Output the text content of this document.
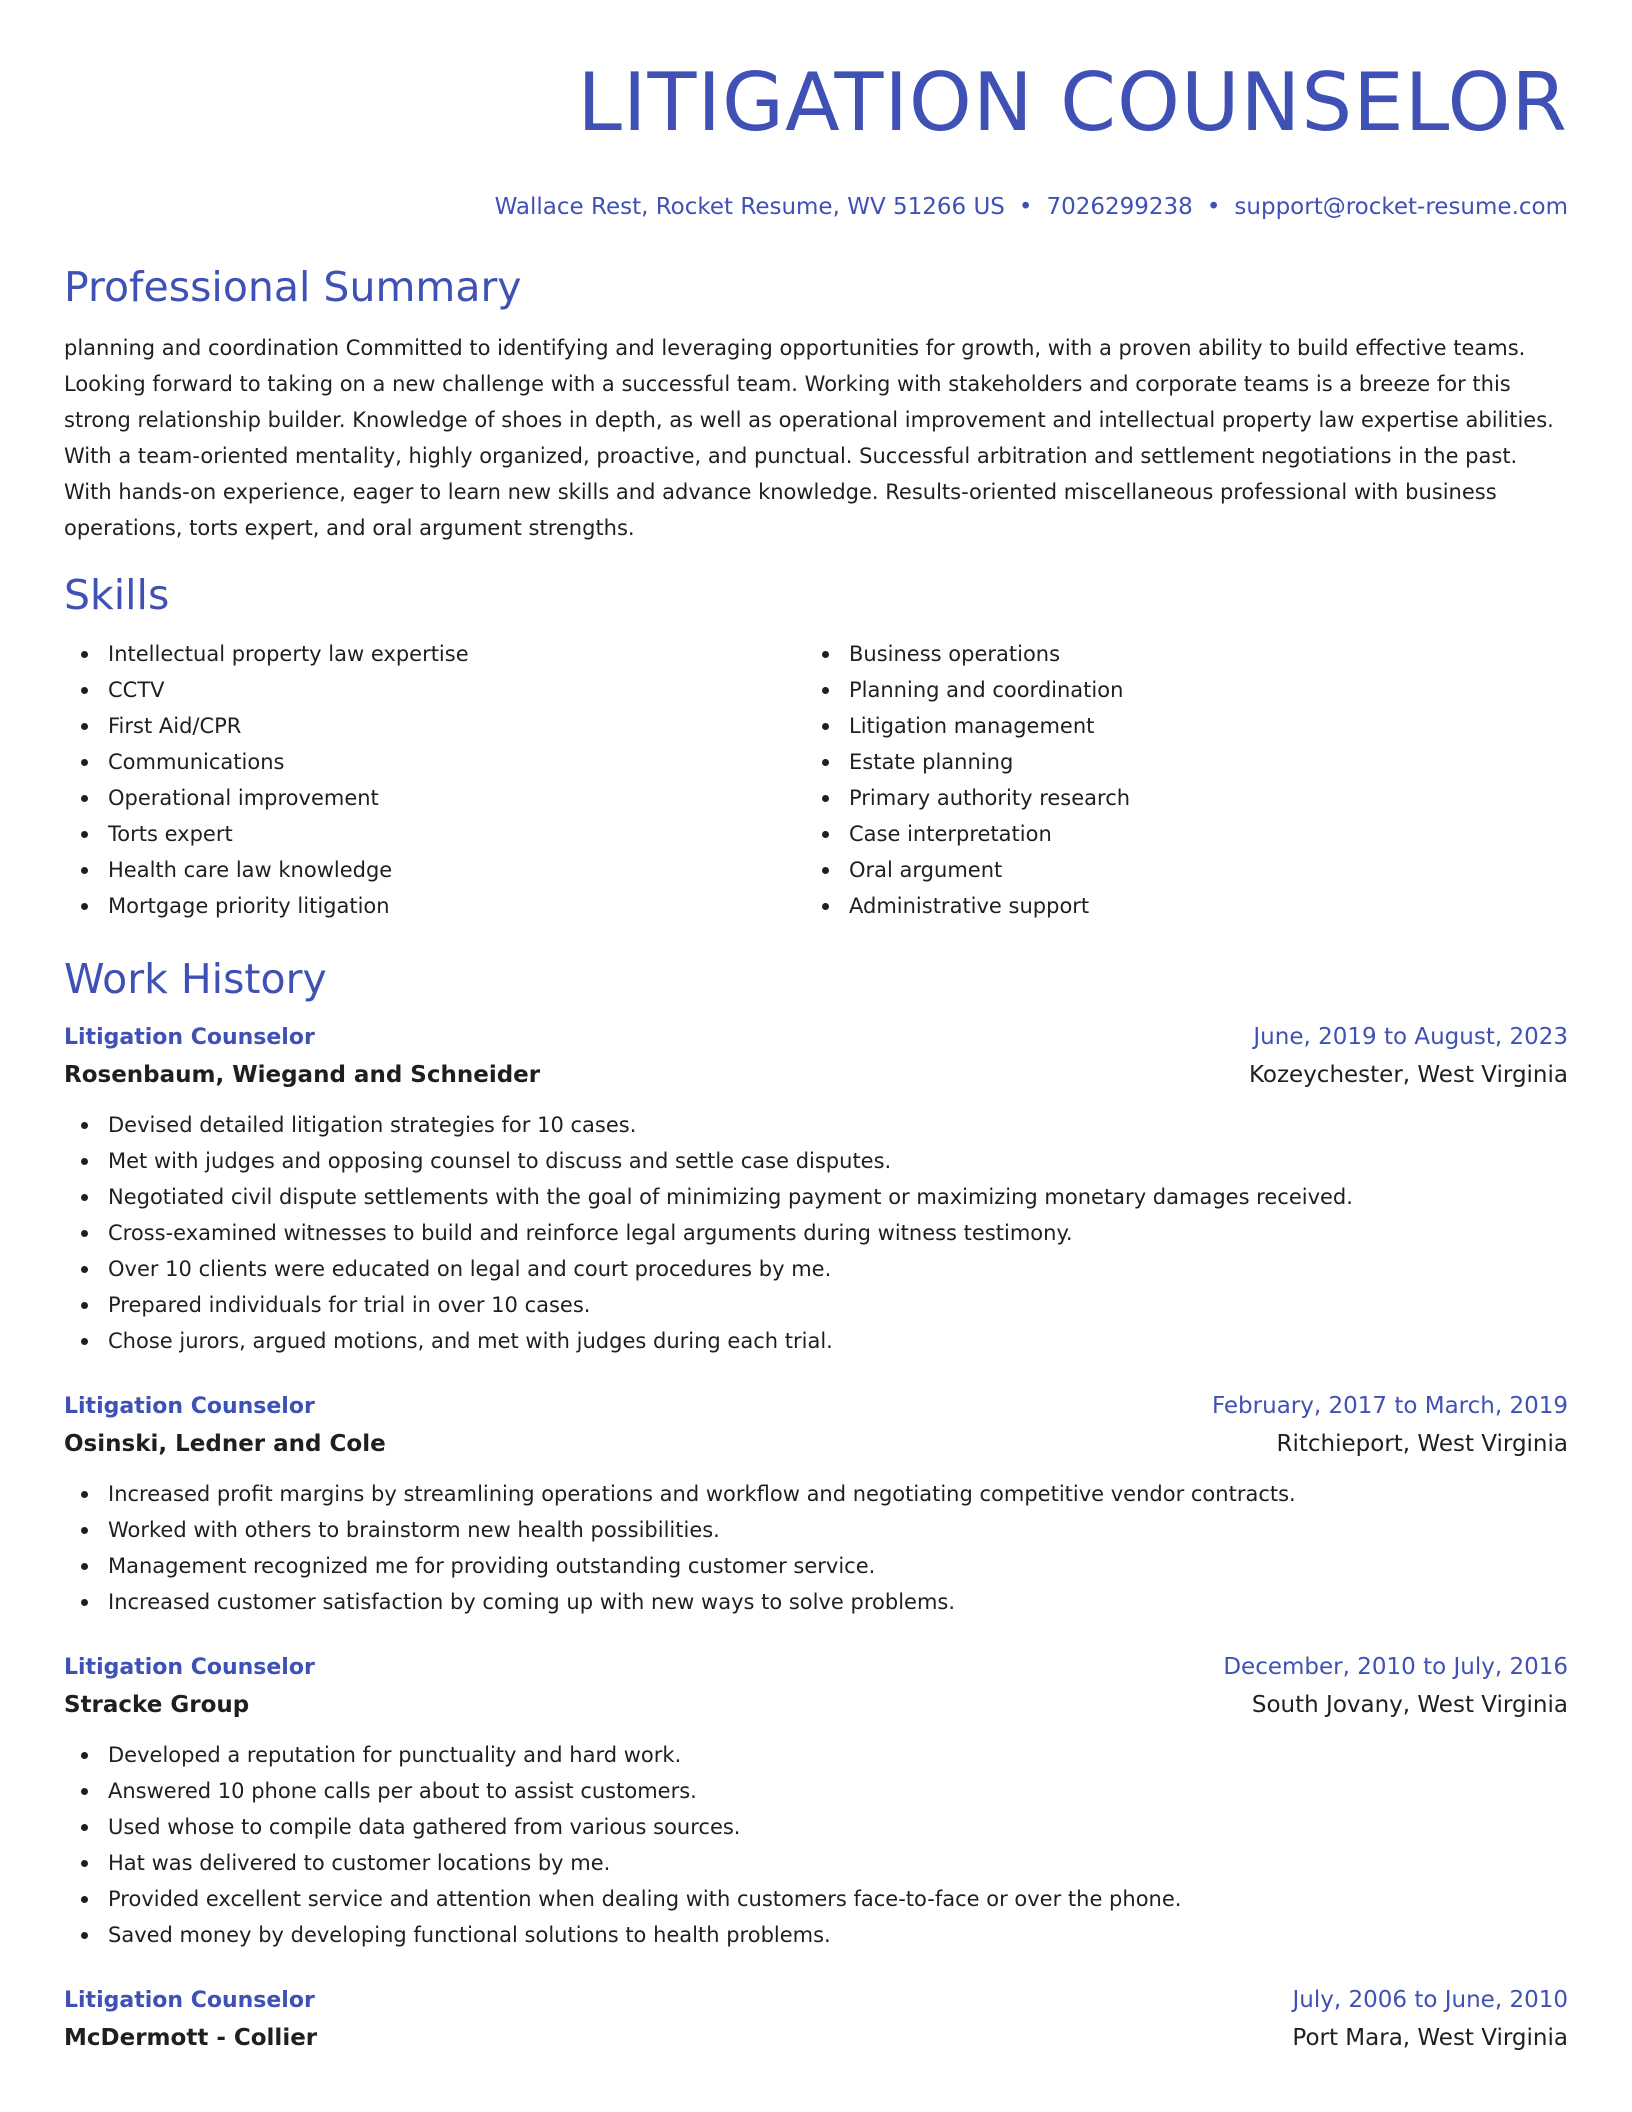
LITIGATION COUNSELOR
Wallace Rest, Rocket Resume, WV 51266 US • 7026299238 • support@rocket-resume.com
Professional Summary

planning and coordination Committed to identifying and leveraging opportunities for growth, with a proven ability to build effective teams. Looking forward to taking on a new challenge with a successful team. Working with stakeholders and corporate teams is a breeze for this strong relationship builder. Knowledge of shoes in depth, as well as operational improvement and intellectual property law expertise abilities. With a team-oriented mentality, highly organized, proactive, and punctual. Successful arbitration and settlement negotiations in the past. With hands-on experience, eager to learn new skills and advance knowledge. Results-oriented miscellaneous professional with business operations, torts expert, and oral argument strengths.

Skills
Intellectual property law expertise
CCTV
First Aid/CPR
Communications
Operational improvement
Torts expert
Health care law knowledge
Mortgage priority litigation
Business operations
Planning and coordination
Litigation management
Estate planning
Primary authority research
Case interpretation
Oral argument
Administrative support
Work History
Litigation Counselor	June, 2019 to August, 2023
Rosenbaum, Wiegand and Schneider	Kozeychester, West Virginia
Devised detailed litigation strategies for 10 cases.
Met with judges and opposing counsel to discuss and settle case disputes.
Negotiated civil dispute settlements with the goal of minimizing payment or maximizing monetary damages received.
Cross-examined witnesses to build and reinforce legal arguments during witness testimony.
Over 10 clients were educated on legal and court procedures by me.
Prepared individuals for trial in over 10 cases.
Chose jurors, argued motions, and met with judges during each trial.
Litigation Counselor	February, 2017 to March, 2019
Osinski, Ledner and Cole	Ritchieport, West Virginia
Increased profit margins by streamlining operations and workflow and negotiating competitive vendor contracts.
Worked with others to brainstorm new health possibilities.
Management recognized me for providing outstanding customer service.
Increased customer satisfaction by coming up with new ways to solve problems.
Litigation Counselor	December, 2010 to July, 2016
Stracke Group	South Jovany, West Virginia
Developed a reputation for punctuality and hard work.
Answered 10 phone calls per about to assist customers.
Used whose to compile data gathered from various sources.
Hat was delivered to customer locations by me.
Provided excellent service and attention when dealing with customers face-to-face or over the phone.
Saved money by developing functional solutions to health problems.
Litigation Counselor	July, 2006 to June, 2010
McDermott - Collier	Port Mara, West Virginia
